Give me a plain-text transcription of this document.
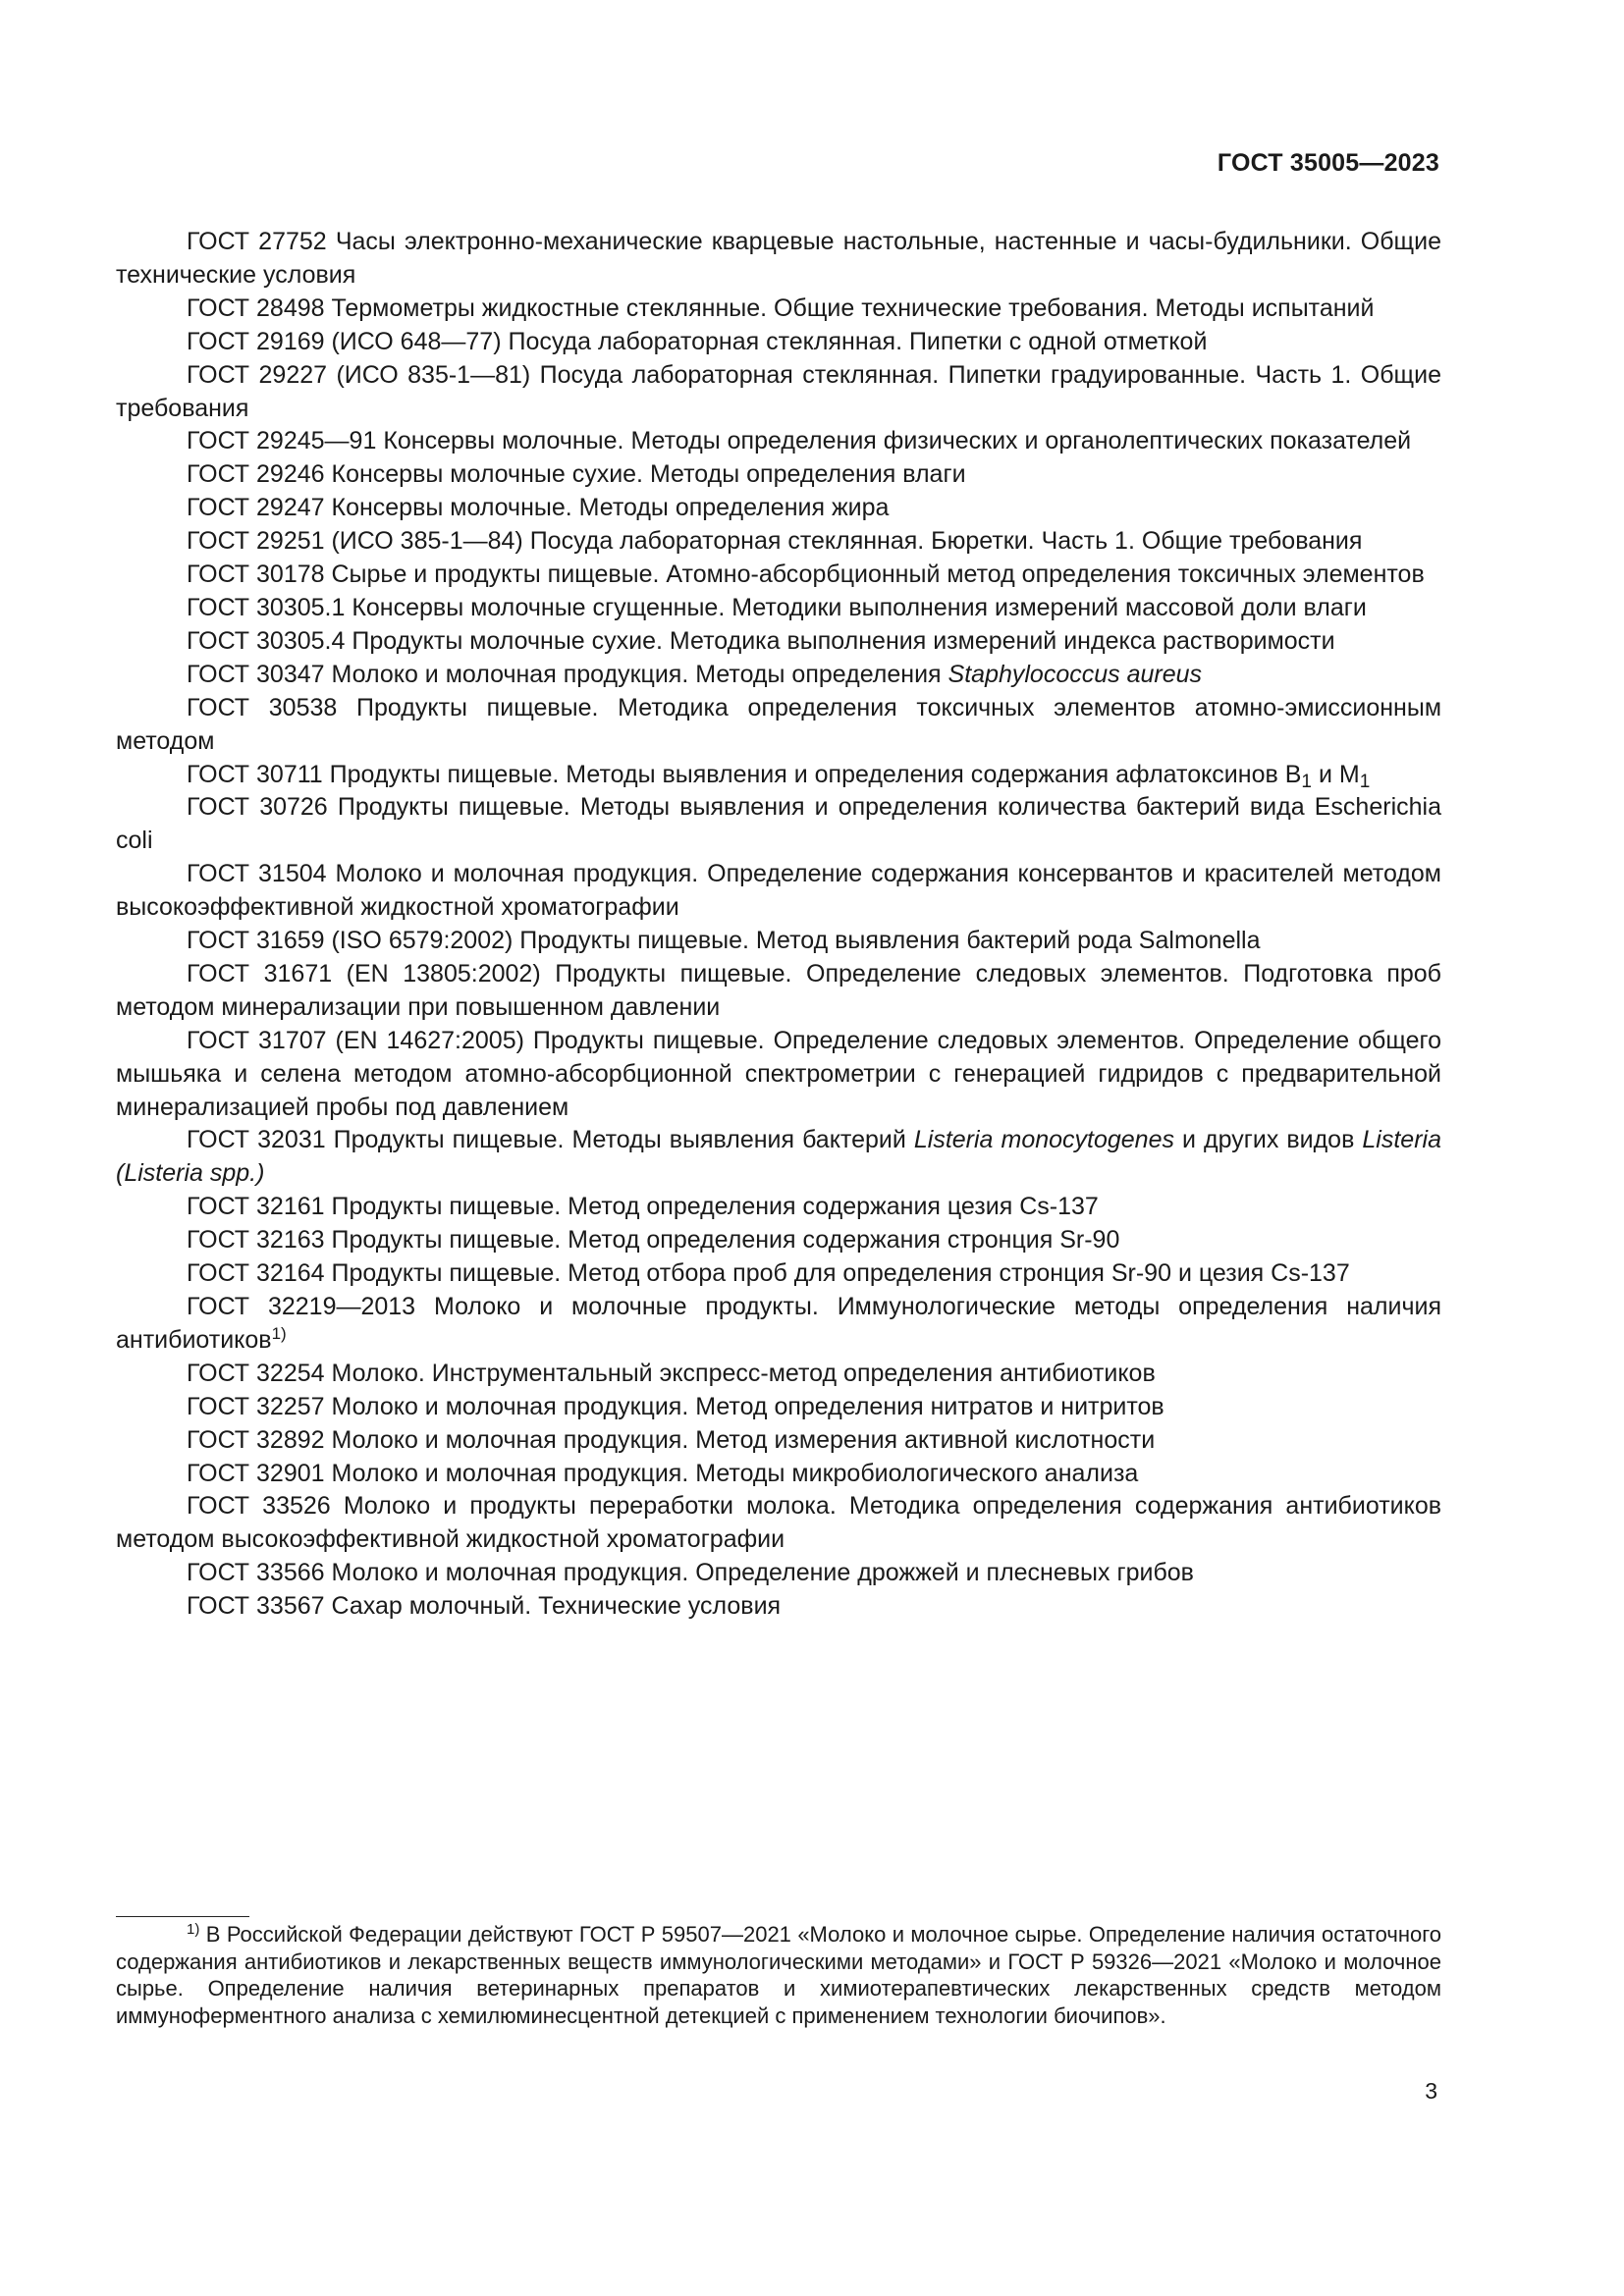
ГОСТ 35005—2023

ГОСТ 27752 Часы электронно-механические кварцевые настольные, настенные и часы-будильники. Общие технические условия

ГОСТ 28498 Термометры жидкостные стеклянные. Общие технические требования. Методы испытаний

ГОСТ 29169 (ИСО 648—77) Посуда лабораторная стеклянная. Пипетки с одной отметкой

ГОСТ 29227 (ИСО 835-1—81) Посуда лабораторная стеклянная. Пипетки градуированные. Часть 1. Общие требования

ГОСТ 29245—91 Консервы молочные. Методы определения физических и органолептических показателей

ГОСТ 29246 Консервы молочные сухие. Методы определения влаги

ГОСТ 29247 Консервы молочные. Методы определения жира

ГОСТ 29251 (ИСО 385-1—84) Посуда лабораторная стеклянная. Бюретки. Часть 1. Общие требования

ГОСТ 30178 Сырье и продукты пищевые. Атомно-абсорбционный метод определения токсичных элементов

ГОСТ 30305.1 Консервы молочные сгущенные. Методики выполнения измерений массовой доли влаги

ГОСТ 30305.4 Продукты молочные сухие. Методика выполнения измерений индекса растворимости

ГОСТ 30347 Молоко и молочная продукция. Методы определения Staphylococcus aureus

ГОСТ 30538 Продукты пищевые. Методика определения токсичных элементов атомно-эмиссионным методом

ГОСТ 30711 Продукты пищевые. Методы выявления и определения содержания афлатоксинов $B_1$ и $M_1$

ГОСТ 30726 Продукты пищевые. Методы выявления и определения количества бактерий вида Escherichia coli

ГОСТ 31504 Молоко и молочная продукция. Определение содержания консервантов и красителей методом высокоэффективной жидкостной хроматографии

ГОСТ 31659 (ISO 6579:2002) Продукты пищевые. Метод выявления бактерий рода Salmonella

ГОСТ 31671 (EN 13805:2002) Продукты пищевые. Определение следовых элементов. Подготовка проб методом минерализации при повышенном давлении

ГОСТ 31707 (EN 14627:2005) Продукты пищевые. Определение следовых элементов. Определение общего мышьяка и селена методом атомно-абсорбционной спектрометрии с генерацией гидридов с предварительной минерализацией пробы под давлением

ГОСТ 32031 Продукты пищевые. Методы выявления бактерий Listeria monocytogenes и других видов Listeria (Listeria spp.)

ГОСТ 32161 Продукты пищевые. Метод определения содержания цезия Cs-137

ГОСТ 32163 Продукты пищевые. Метод определения содержания стронция Sr-90

ГОСТ 32164 Продукты пищевые. Метод отбора проб для определения стронция Sr-90 и цезия Cs-137

ГОСТ 32219—2013 Молоко и молочные продукты. Иммунологические методы определения наличия антибиотиков$^{1)}$

ГОСТ 32254 Молоко. Инструментальный экспресс-метод определения антибиотиков

ГОСТ 32257 Молоко и молочная продукция. Метод определения нитратов и нитритов

ГОСТ 32892 Молоко и молочная продукция. Метод измерения активной кислотности

ГОСТ 32901 Молоко и молочная продукция. Методы микробиологического анализа

ГОСТ 33526 Молоко и продукты переработки молока. Методика определения содержания антибиотиков методом высокоэффективной жидкостной хроматографии

ГОСТ 33566 Молоко и молочная продукция. Определение дрожжей и плесневых грибов

ГОСТ 33567 Сахар молочный. Технические условия

$^{1)}$ В Российской Федерации действуют ГОСТ Р 59507—2021 «Молоко и молочное сырье. Определение наличия остаточного содержания антибиотиков и лекарственных веществ иммунологическими методами» и ГОСТ Р 59326—2021 «Молоко и молочное сырье. Определение наличия ветеринарных препаратов и химиотерапевтических лекарственных средств методом иммуноферментного анализа с хемилюминесцентной детекцией с применением технологии биочипов».

3
